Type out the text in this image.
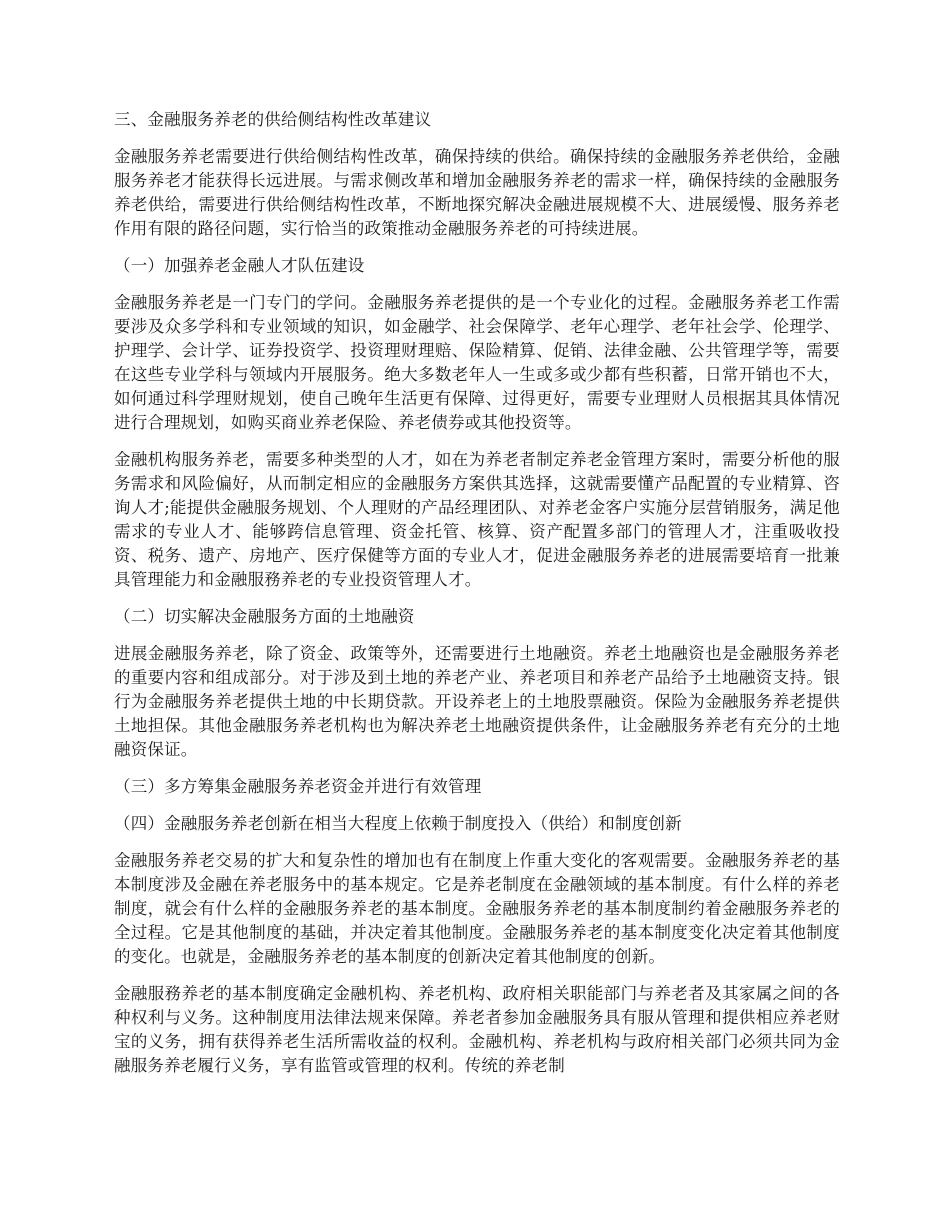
三、金融服务养老的供给侧结构性改革建议
金融服务养老需要进行供给侧结构性改革，确保持续的供给。确保持续的金融服务养老供给，金融服务养老才能获得长远进展。与需求侧改革和增加金融服务养老的需求一样，确保持续的金融服务养老供给，需要进行供给侧结构性改革，不断地探究解决金融进展规模不大、进展缓慢、服务养老作用有限的路径问题，实行恰当的政策推动金融服务养老的可持续进展。
（一）加强养老金融人才队伍建设
金融服务养老是一门专门的学问。金融服务养老提供的是一个专业化的过程。金融服务养老工作需要涉及众多学科和专业领域的知识，如金融学、社会保障学、老年心理学、老年社会学、伦理学、护理学、会计学、证券投资学、投资理财理赔、保险精算、促销、法律金融、公共管理学等，需要在这些专业学科与领域内开展服务。绝大多数老年人一生或多或少都有些积蓄，日常开销也不大，如何通过科学理财规划，使自己晚年生活更有保障、过得更好，需要专业理财人员根据其具体情况进行合理规划，如购买商业养老保险、养老债券或其他投资等。
金融机构服务养老，需要多种类型的人才，如在为养老者制定养老金管理方案时，需要分析他的服务需求和风险偏好，从而制定相应的金融服务方案供其选择，这就需要懂产品配置的专业精算、咨询人才;能提供金融服务规划、个人理财的产品经理团队、对养老金客户实施分层营销服务，满足他需求的专业人才、能够跨信息管理、资金托管、核算、资产配置多部门的管理人才，注重吸收投资、税务、遗产、房地产、医疗保健等方面的专业人才，促进金融服务养老的进展需要培育一批兼具管理能力和金融服務养老的专业投资管理人才。
（二）切实解决金融服务方面的土地融资
进展金融服务养老，除了资金、政策等外，还需要进行土地融资。养老土地融资也是金融服务养老的重要内容和组成部分。对于涉及到土地的养老产业、养老项目和养老产品给予土地融资支持。银行为金融服务养老提供土地的中长期贷款。开设养老上的土地股票融资。保险为金融服务养老提供土地担保。其他金融服务养老机构也为解决养老土地融资提供条件，让金融服务养老有充分的土地融资保证。
（三）多方筹集金融服务养老资金并进行有效管理
（四）金融服务养老创新在相当大程度上依赖于制度投入（供给）和制度创新
金融服务养老交易的扩大和复杂性的增加也有在制度上作重大变化的客观需要。金融服务养老的基本制度涉及金融在养老服务中的基本规定。它是养老制度在金融领域的基本制度。有什么样的养老制度，就会有什么样的金融服务养老的基本制度。金融服务养老的基本制度制约着金融服务养老的全过程。它是其他制度的基础，并决定着其他制度。金融服务养老的基本制度变化决定着其他制度的变化。也就是，金融服务养老的基本制度的创新决定着其他制度的创新。
金融服務养老的基本制度确定金融机构、养老机构、政府相关职能部门与养老者及其家属之间的各种权利与义务。这种制度用法律法规来保障。养老者参加金融服务具有服从管理和提供相应养老财宝的义务，拥有获得养老生活所需收益的权利。金融机构、养老机构与政府相关部门必须共同为金融服务养老履行义务，享有监管或管理的权利。传统的养老制
